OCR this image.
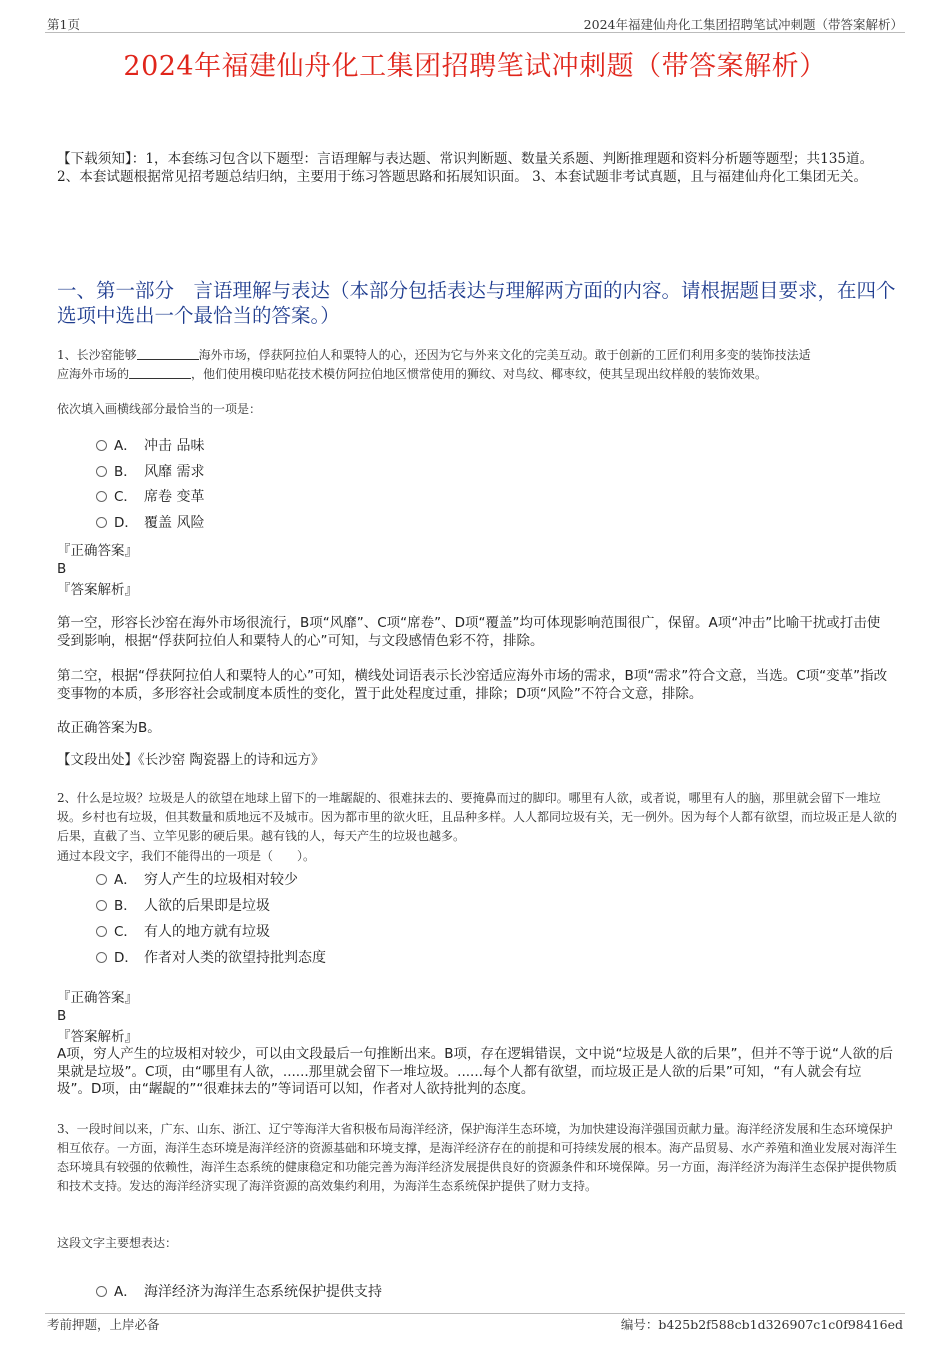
第1页	2024年福建仙舟化工集团招聘笔试冲刺题（带答案解析）
2024年福建仙舟化工集团招聘笔试冲刺题（带答案解析）
【下载须知】：1，本套练习包含以下题型：言语理解与表达题、常识判断题、数量关系题、判断推理题和资料分析题等题型；共135道。 2、本套试题根据常见招考题总结归纳，主要用于练习答题思路和拓展知识面。 3、本套试题非考试真题，且与福建仙舟化工集团无关。
一、第一部分　言语理解与表达（本部分包括表达与理解两方面的内容。请根据题目要求，在四个选项中选出一个最恰当的答案。）
1、长沙窑能够	海外市场，俘获阿拉伯人和粟特人的心，还因为它与外来文化的完美互动。敢于创新的工匠们利用多变的装饰技法适
应海外市场的	，他们使用模印贴花技术模仿阿拉伯地区惯常使用的狮纹、对鸟纹、椰枣纹，使其呈现出纹样般的装饰效果。
依次填入画横线部分最恰当的一项是：
A． 冲击 品味
B． 风靡 需求
C． 席卷 变革
D． 覆盖 风险
『正确答案』
B
『答案解析』
第一空，形容长沙窑在海外市场很流行，B项“风靡”、C项“席卷”、D项“覆盖”均可体现影响范围很广，保留。A项“冲击”比喻干扰或打击使受到影响，根据“俘获阿拉伯人和粟特人的心”可知，与文段感情色彩不符，排除。
第二空，根据“俘获阿拉伯人和粟特人的心”可知，横线处词语表示长沙窑适应海外市场的需求，B项“需求”符合文意，当选。C项“变革”指改变事物的本质，多形容社会或制度本质性的变化，置于此处程度过重，排除；D项“风险”不符合文意，排除。
故正确答案为B。
【文段出处】《长沙窑 陶瓷器上的诗和远方》
2、什么是垃圾？垃圾是人的欲望在地球上留下的一堆龌龊的、很难抹去的、要掩鼻而过的脚印。哪里有人欲，或者说，哪里有人的脑，那里就会留下一堆垃圾。乡村也有垃圾，但其数量和质地远不及城市。因为都市里的欲火旺，且品种多样。人人都同垃圾有关，无一例外。因为每个人都有欲望，而垃圾正是人欲的后果，直截了当、立竿见影的硬后果。越有钱的人，每天产生的垃圾也越多。
通过本段文字，我们不能得出的一项是（　　）。
A． 穷人产生的垃圾相对较少
B． 人欲的后果即是垃圾
C． 有人的地方就有垃圾
D． 作者对人类的欲望持批判态度
『正确答案』
B
『答案解析』
A项，穷人产生的垃圾相对较少，可以由文段最后一句推断出来。B项，存在逻辑错误，文中说“垃圾是人欲的后果”，但并不等于说“人欲的后果就是垃圾”。C项，由“哪里有人欲，......那里就会留下一堆垃圾。......每个人都有欲望，而垃圾正是人欲的后果”可知，“有人就会有垃圾”。D项，由“龌龊的”“很难抹去的”等词语可以知，作者对人欲持批判的态度。
3、一段时间以来，广东、山东、浙江、辽宁等海洋大省积极布局海洋经济，保护海洋生态环境，为加快建设海洋强国贡献力量。海洋经济发展和生态环境保护相互依存。一方面，海洋生态环境是海洋经济的资源基础和环境支撑，是海洋经济存在的前提和可持续发展的根本。海产品贸易、水产养殖和渔业发展对海洋生态环境具有较强的依赖性，海洋生态系统的健康稳定和功能完善为海洋经济发展提供良好的资源条件和环境保障。另一方面，海洋经济为海洋生态保护提供物质和技术支持。发达的海洋经济实现了海洋资源的高效集约利用，为海洋生态系统保护提供了财力支持。
这段文字主要想表达：
A． 海洋经济为海洋生态系统保护提供支持
考前押题，上岸必备	编号：b425b2f588cb1d326907c1c0f98416ed
